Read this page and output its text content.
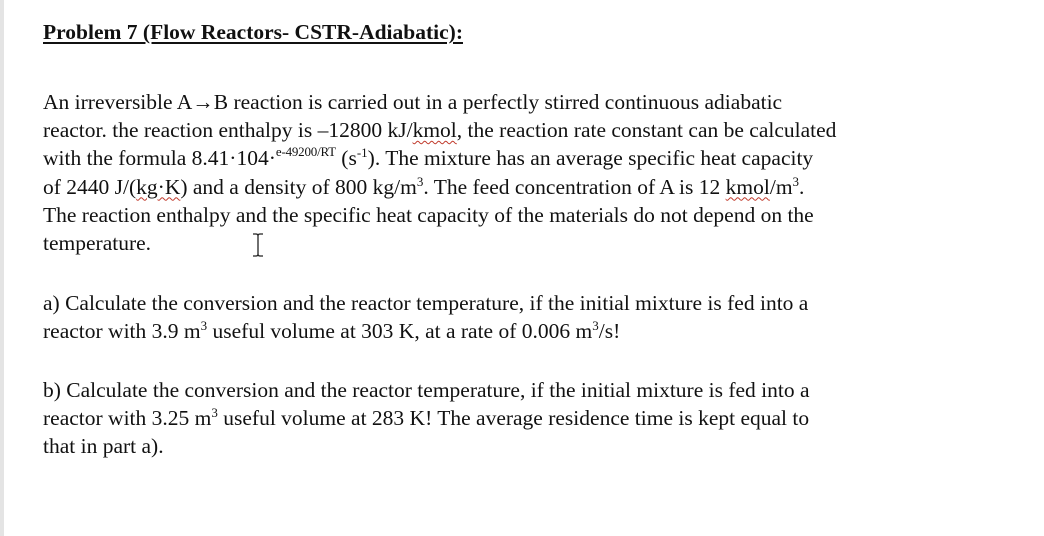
Problem 7 (Flow Reactors- CSTR-Adiabatic):
An irreversible A→B reaction is carried out in a perfectly stirred continuous adiabatic
reactor. the reaction enthalpy is –12800 kJ/kmol, the reaction rate constant can be calculated
with the formula 8.41·104·$^{e-49200/RT}$ $(s^{-1})$. The mixture has an average specific heat capacity
of 2440 J/(kg·K) and a density of 800 $kg/m^3$. The feed concentration of A is 12 kmol/$m^3$.
The reaction enthalpy and the specific heat capacity of the materials do not depend on the
temperature.
a) Calculate the conversion and the reactor temperature, if the initial mixture is fed into a
reactor with 3.9 $m^3$ useful volume at 303 K, at a rate of 0.006 $m^3/s$!
b) Calculate the conversion and the reactor temperature, if the initial mixture is fed into a
reactor with 3.25 $m^3$ useful volume at 283 K! The average residence time is kept equal to
that in part a).
